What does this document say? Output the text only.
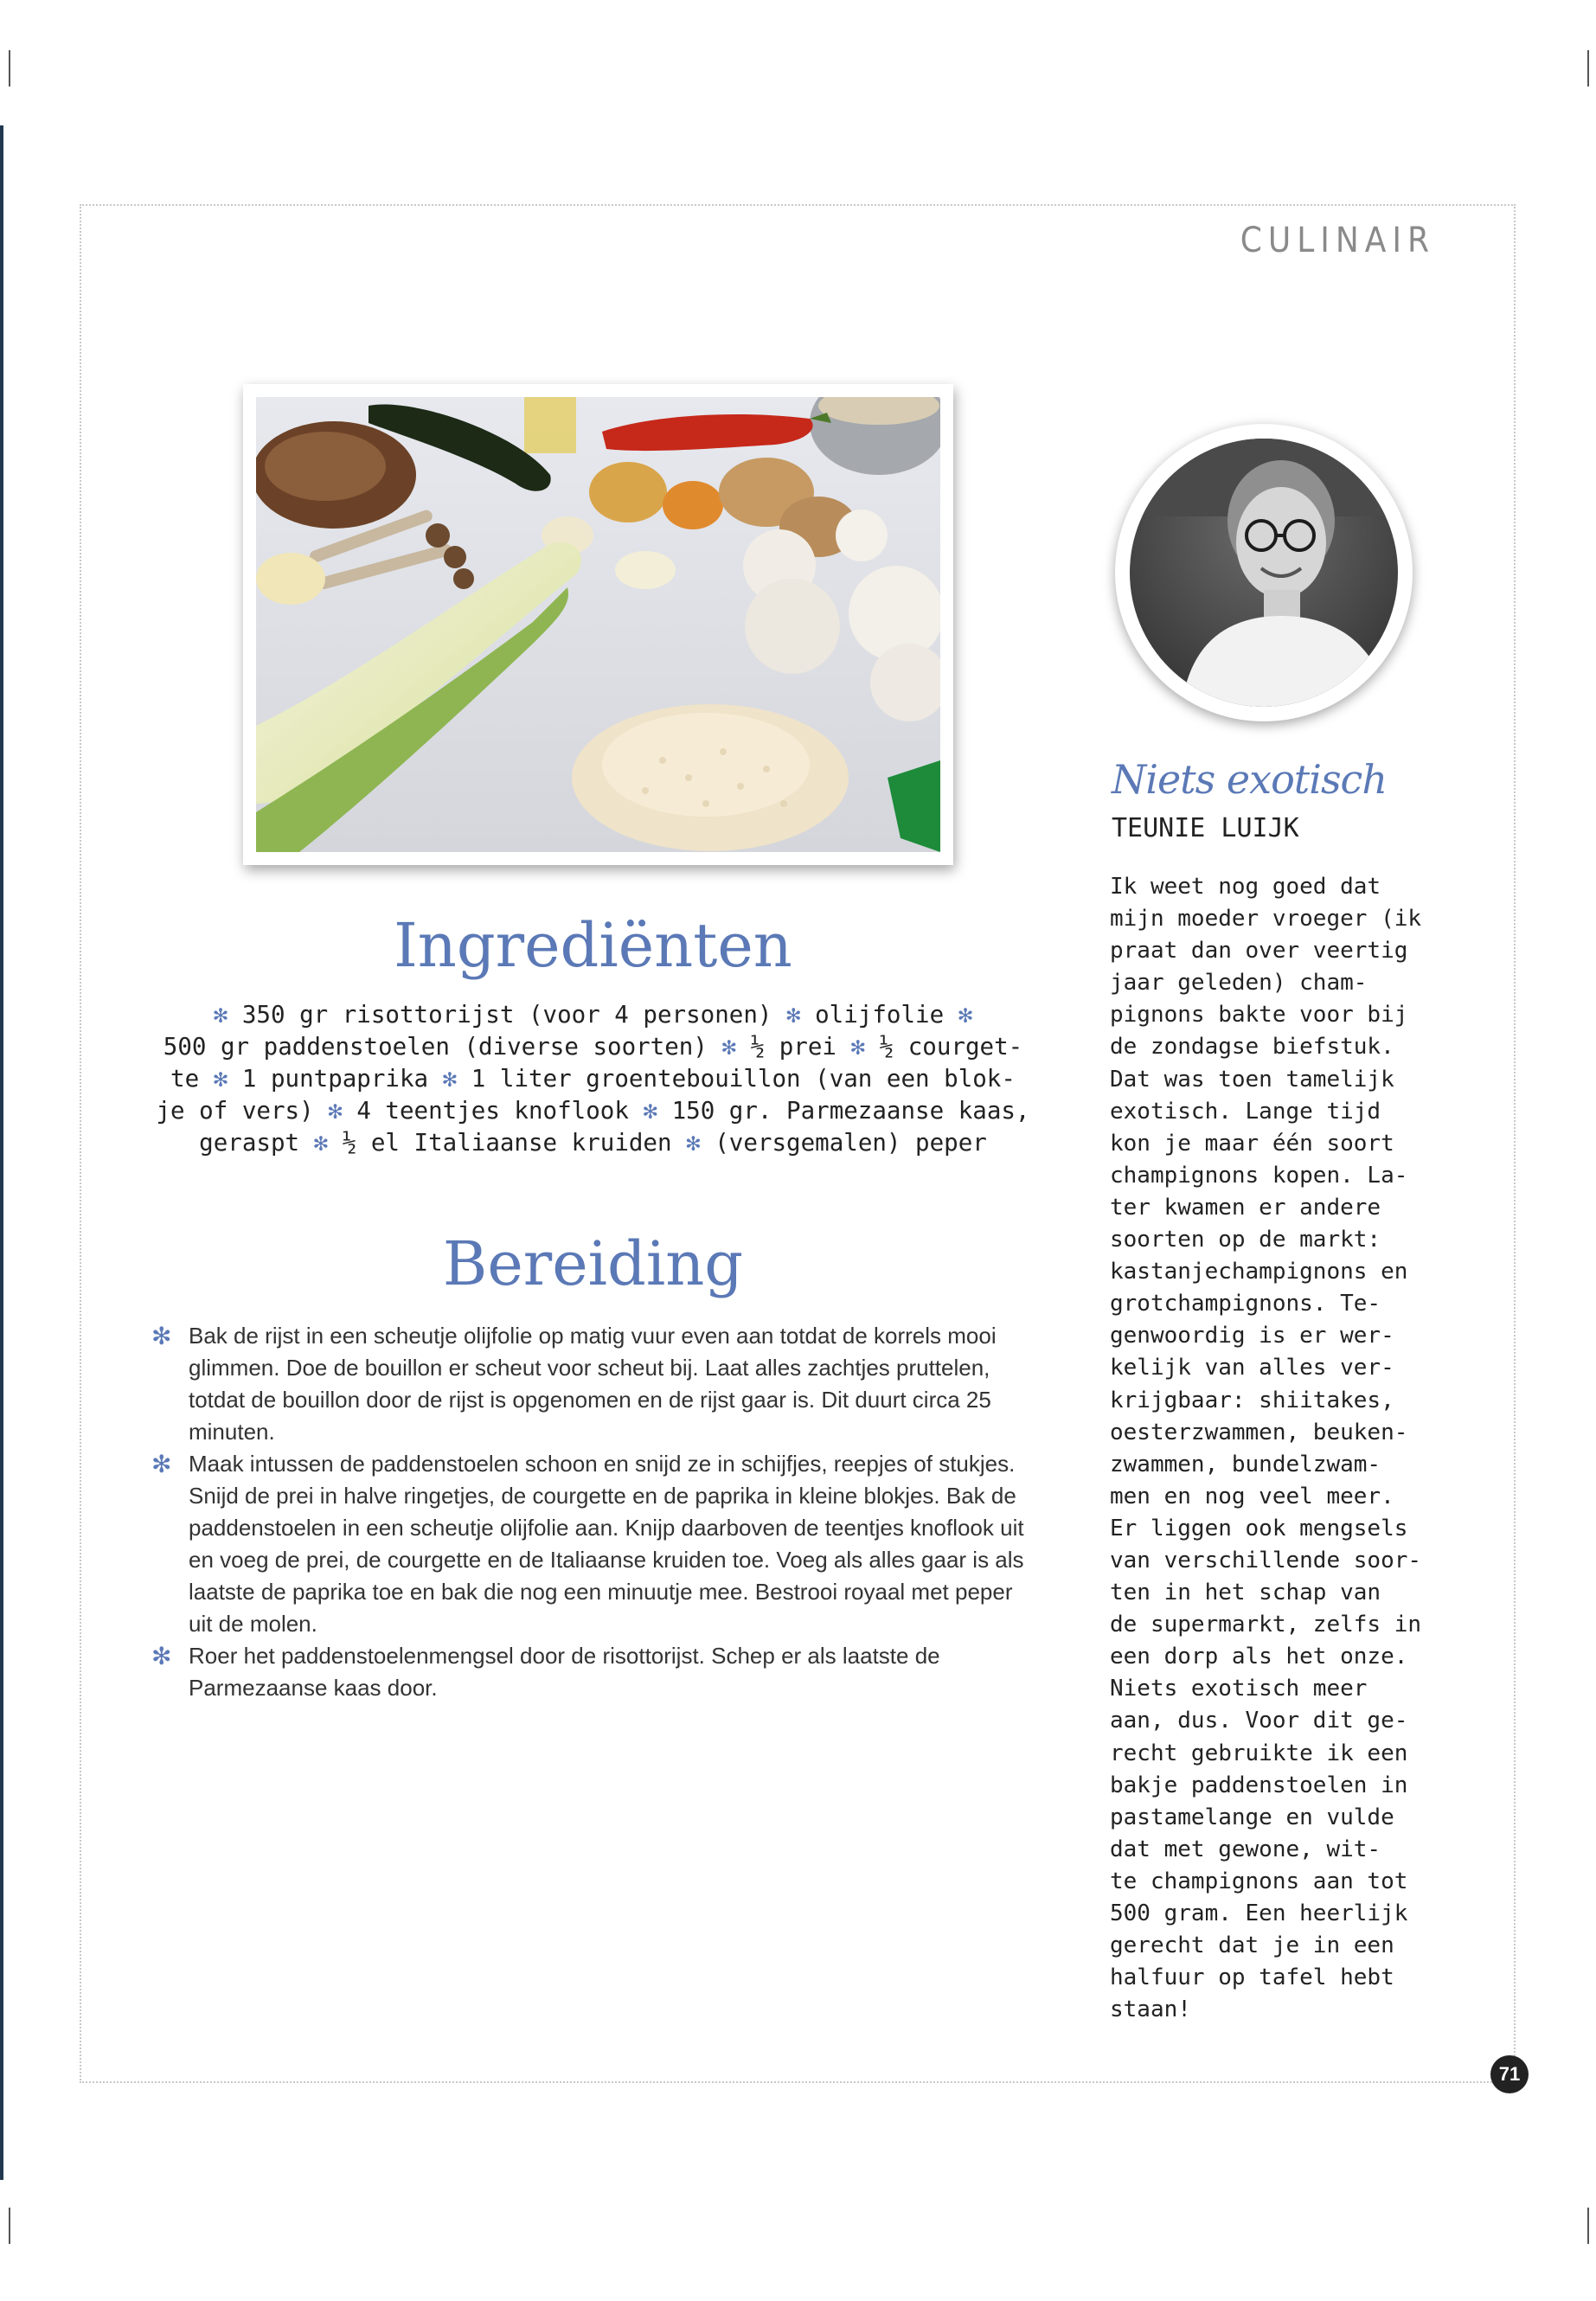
CULINAIR
Ingrediënten
✻ 350 gr risottorijst (voor 4 personen) ✻ olijfolie ✻
500 gr paddenstoelen (diverse soorten) ✻ ½ prei ✻ ½ courget-
te ✻ 1 puntpaprika ✻ 1 liter groentebouillon (van een blok-
je of vers) ✻ 4 teentjes knoflook ✻ 150 gr. Parmezaanse kaas,
geraspt ✻ ½ el Italiaanse kruiden ✻ (versgemalen) peper
Bereiding
✻ Bak de rijst in een scheutje olijfolie op matig vuur even aan totdat de korrels mooi glimmen. Doe de bouillon er scheut voor scheut bij. Laat alles zachtjes pruttelen, totdat de bouillon door de rijst is opgenomen en de rijst gaar is. Dit duurt circa 25 minuten.
✻ Maak intussen de paddenstoelen schoon en snijd ze in schijfjes, reepjes of stukjes. Snijd de prei in halve ringetjes, de courgette en de paprika in kleine blokjes. Bak de paddenstoelen in een scheutje olijfolie aan. Knijp daarboven de teentjes knoflook uit en voeg de prei, de courgette en de Italiaanse kruiden toe. Voeg als alles gaar is als laatste de paprika toe en bak die nog een minuutje mee. Bestrooi royaal met peper uit de molen.
✻ Roer het paddenstoelenmengsel door de risottorijst. Schep er als laatste de Parmezaanse kaas door.
Niets exotisch
TEUNIE LUIJK
Ik weet nog goed dat
mijn moeder vroeger (ik
praat dan over veertig
jaar geleden) cham-
pignons bakte voor bij
de zondagse biefstuk.
Dat was toen tamelijk
exotisch. Lange tijd
kon je maar één soort
champignons kopen. La-
ter kwamen er andere
soorten op de markt:
kastanjechampignons en
grotchampignons. Te-
genwoordig is er wer-
kelijk van alles ver-
krijgbaar: shiitakes,
oesterzwammen, beuken-
zwammen, bundelzwam-
men en nog veel meer.
Er liggen ook mengsels
van verschillende soor-
ten in het schap van
de supermarkt, zelfs in
een dorp als het onze.
Niets exotisch meer
aan, dus. Voor dit ge-
recht gebruikte ik een
bakje paddenstoelen in
pastamelange en vulde
dat met gewone, wit-
te champignons aan tot
500 gram. Een heerlijk
gerecht dat je in een
halfuur op tafel hebt
staan!
71
